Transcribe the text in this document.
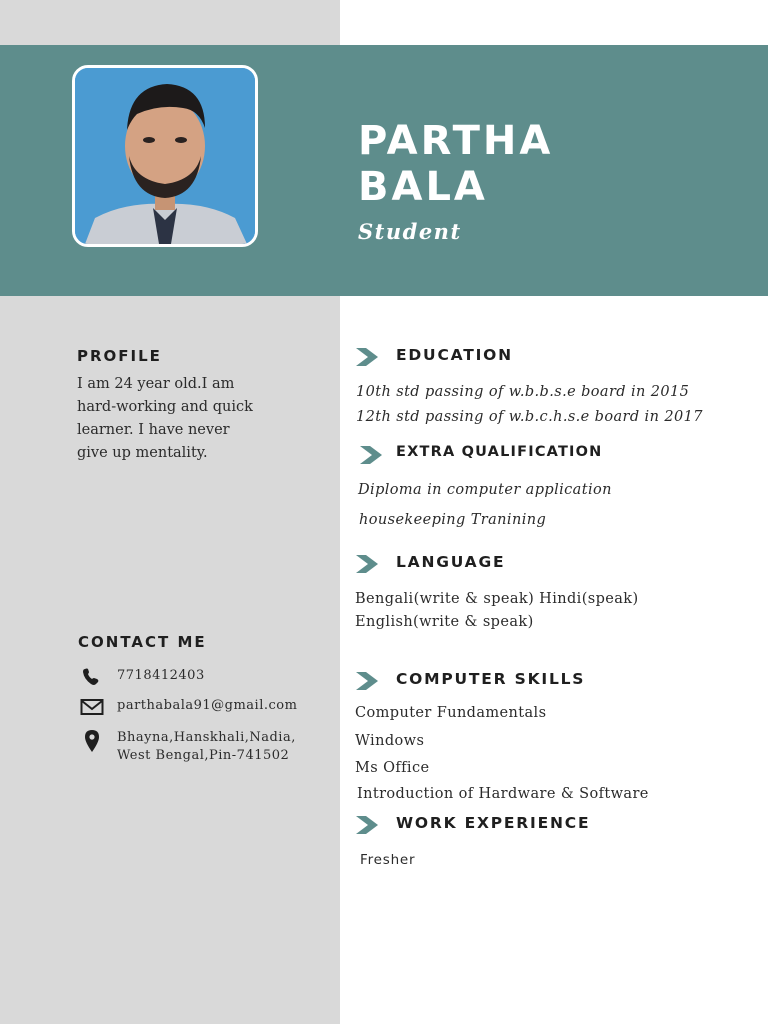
PARTHA
BALA
Student
PROFILE
I am 24 year old.I am
hard-working and quick
learner. I have never
give up mentality.
CONTACT ME
7718412403
parthabala91@gmail.com
Bhayna,Hanskhali,Nadia,
West Bengal,Pin-741502
EDUCATION
10th std passing of w.b.b.s.e board in 2015
12th std passing of w.b.c.h.s.e board in 2017
EXTRA QUALIFICATION
Diploma in computer application
housekeeping Tranining
LANGUAGE
Bengali(write & speak) Hindi(speak)
English(write & speak)
COMPUTER SKILLS
Computer Fundamentals
Windows
Ms Office
Introduction of Hardware & Software
WORK EXPERIENCE
Fresher
